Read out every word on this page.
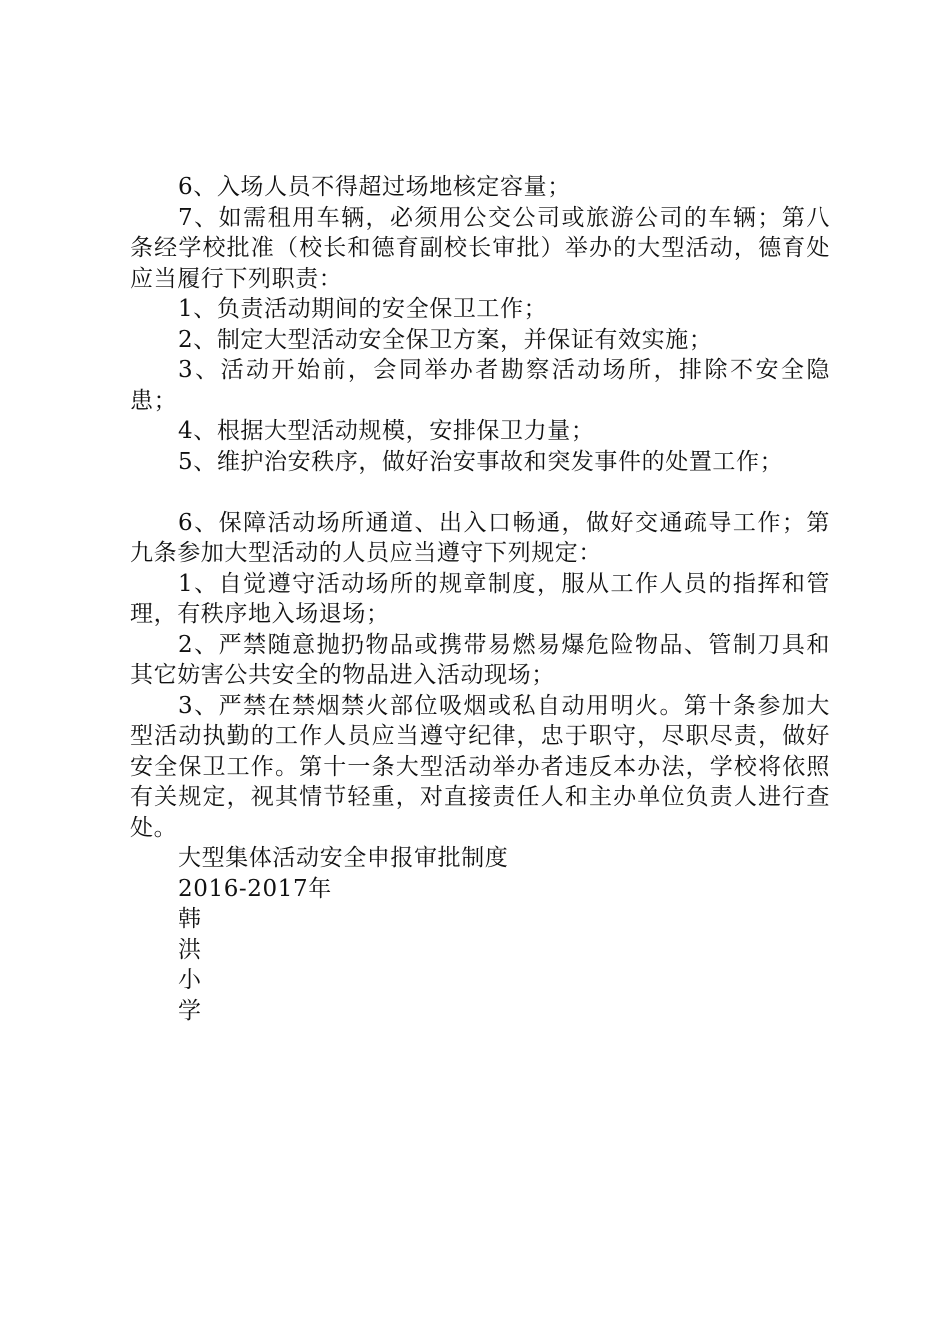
6、入场人员不得超过场地核定容量；

7、如需租用车辆，必须用公交公司或旅游公司的车辆；第八条经学校批准（校长和德育副校长审批）举办的大型活动，德育处应当履行下列职责：

1、负责活动期间的安全保卫工作；

2、制定大型活动安全保卫方案，并保证有效实施；

3、活动开始前，会同举办者勘察活动场所，排除不安全隐患；

4、根据大型活动规模，安排保卫力量；

5、维护治安秩序，做好治安事故和突发事件的处置工作；

6、保障活动场所通道、出入口畅通，做好交通疏导工作；第九条参加大型活动的人员应当遵守下列规定：

1、自觉遵守活动场所的规章制度，服从工作人员的指挥和管理，有秩序地入场退场；

2、严禁随意抛扔物品或携带易燃易爆危险物品、管制刀具和其它妨害公共安全的物品进入活动现场；

3、严禁在禁烟禁火部位吸烟或私自动用明火。第十条参加大型活动执勤的工作人员应当遵守纪律，忠于职守，尽职尽责，做好安全保卫工作。第十一条大型活动举办者违反本办法，学校将依照有关规定，视其情节轻重，对直接责任人和主办单位负责人进行查处。

大型集体活动安全申报审批制度

2016-2017年

韩

洪

小

学
